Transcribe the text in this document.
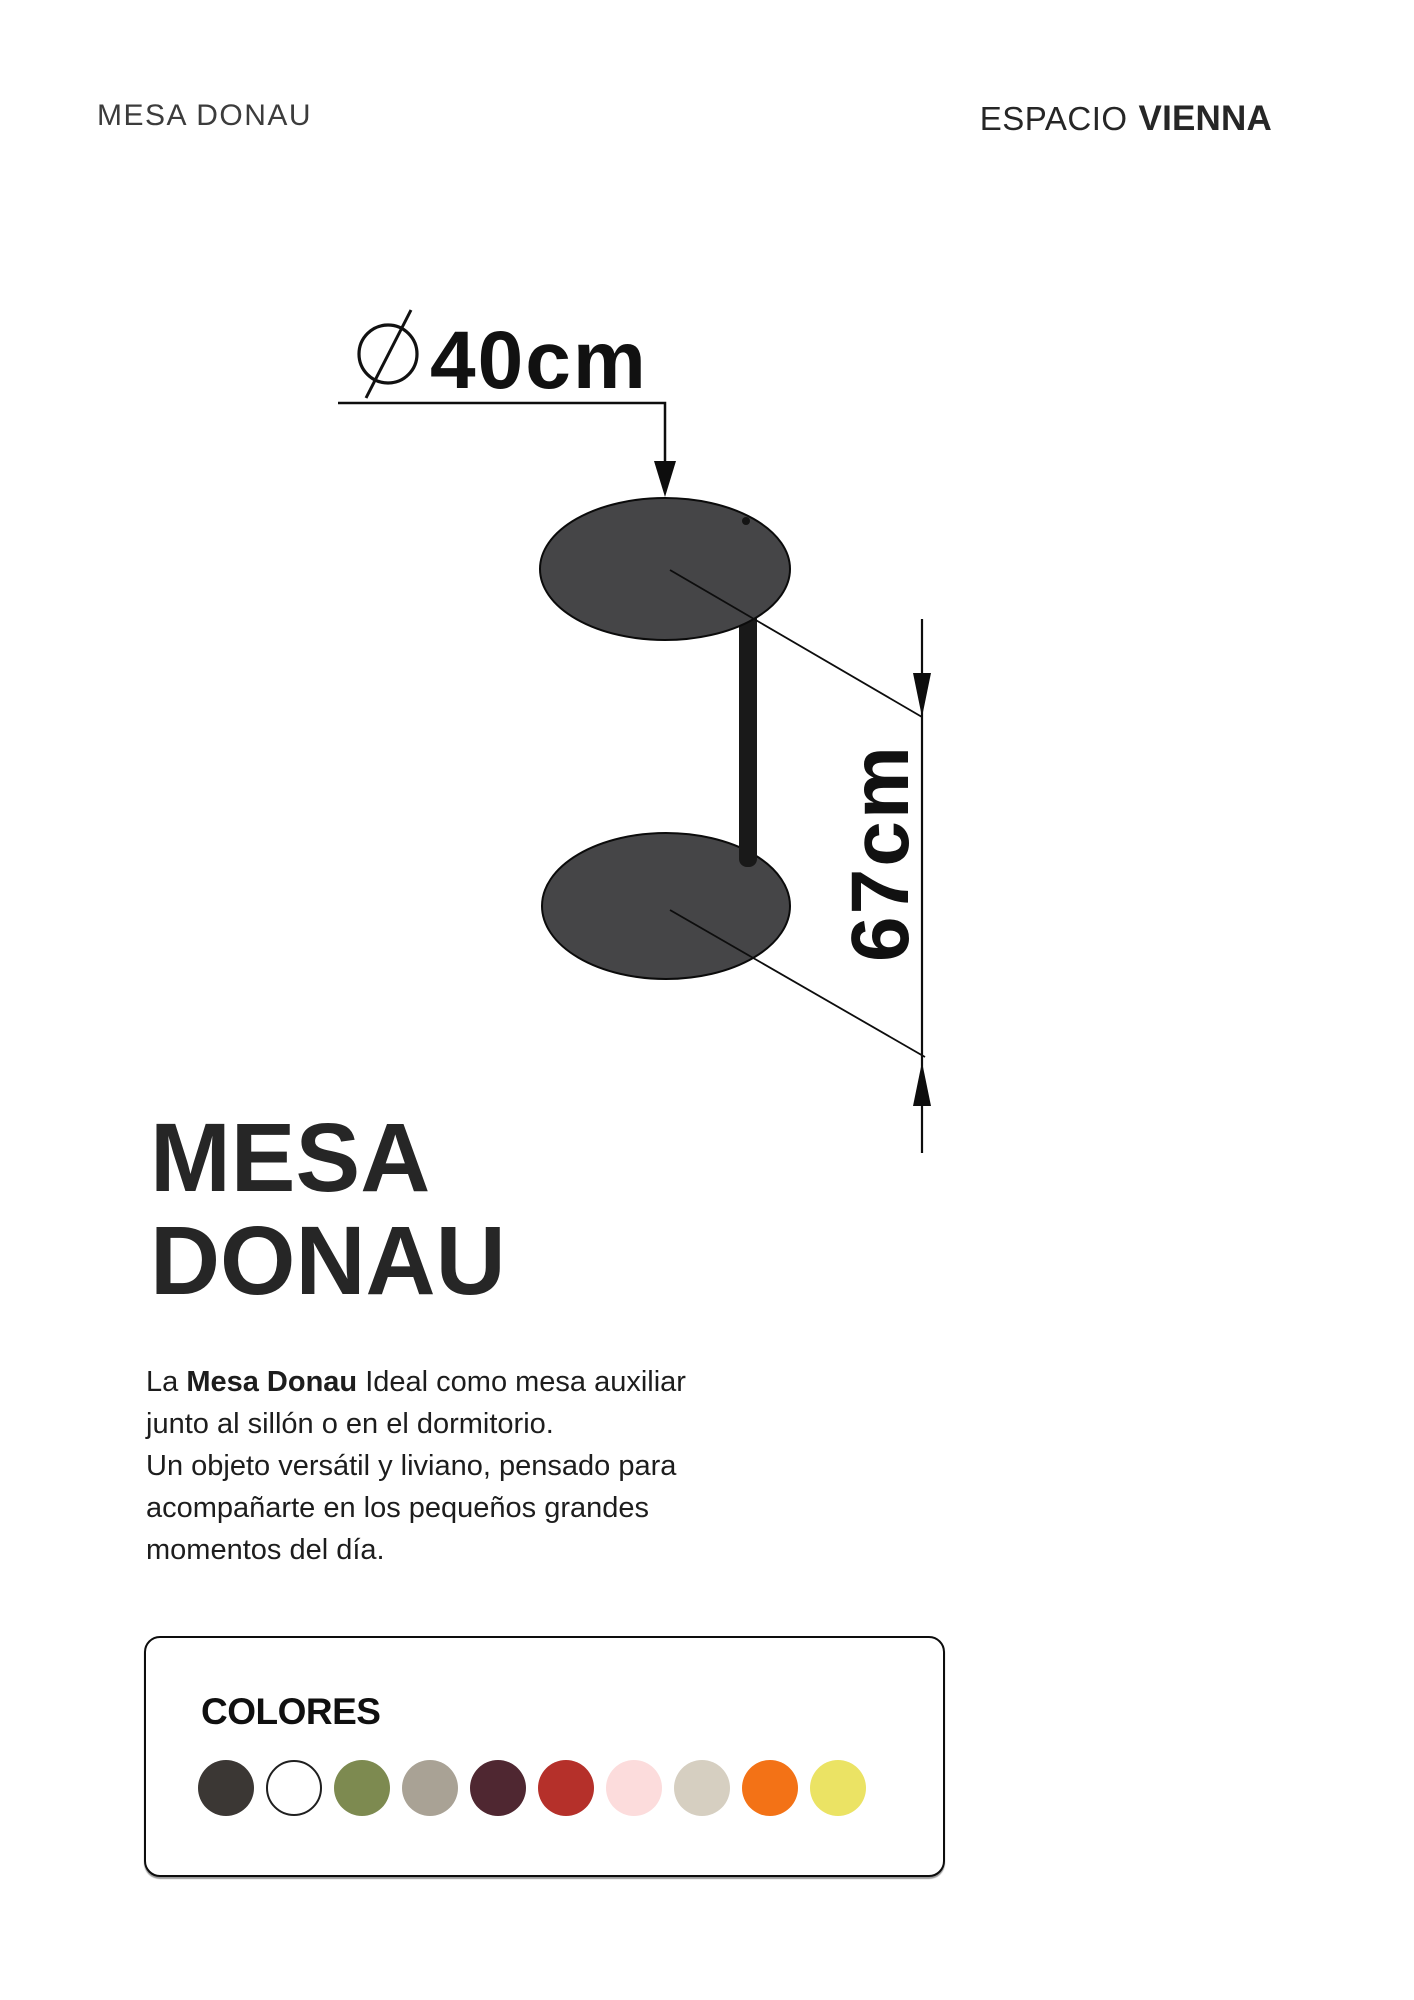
MESA DONAU	ESPACIO VIENNA
40cm
67cm
MESA
DONAU
La Mesa Donau Ideal como mesa auxiliar
junto al sillón o en el dormitorio.
Un objeto versátil y liviano, pensado para
acompañarte en los pequeños grandes
momentos del día.
COLORES
